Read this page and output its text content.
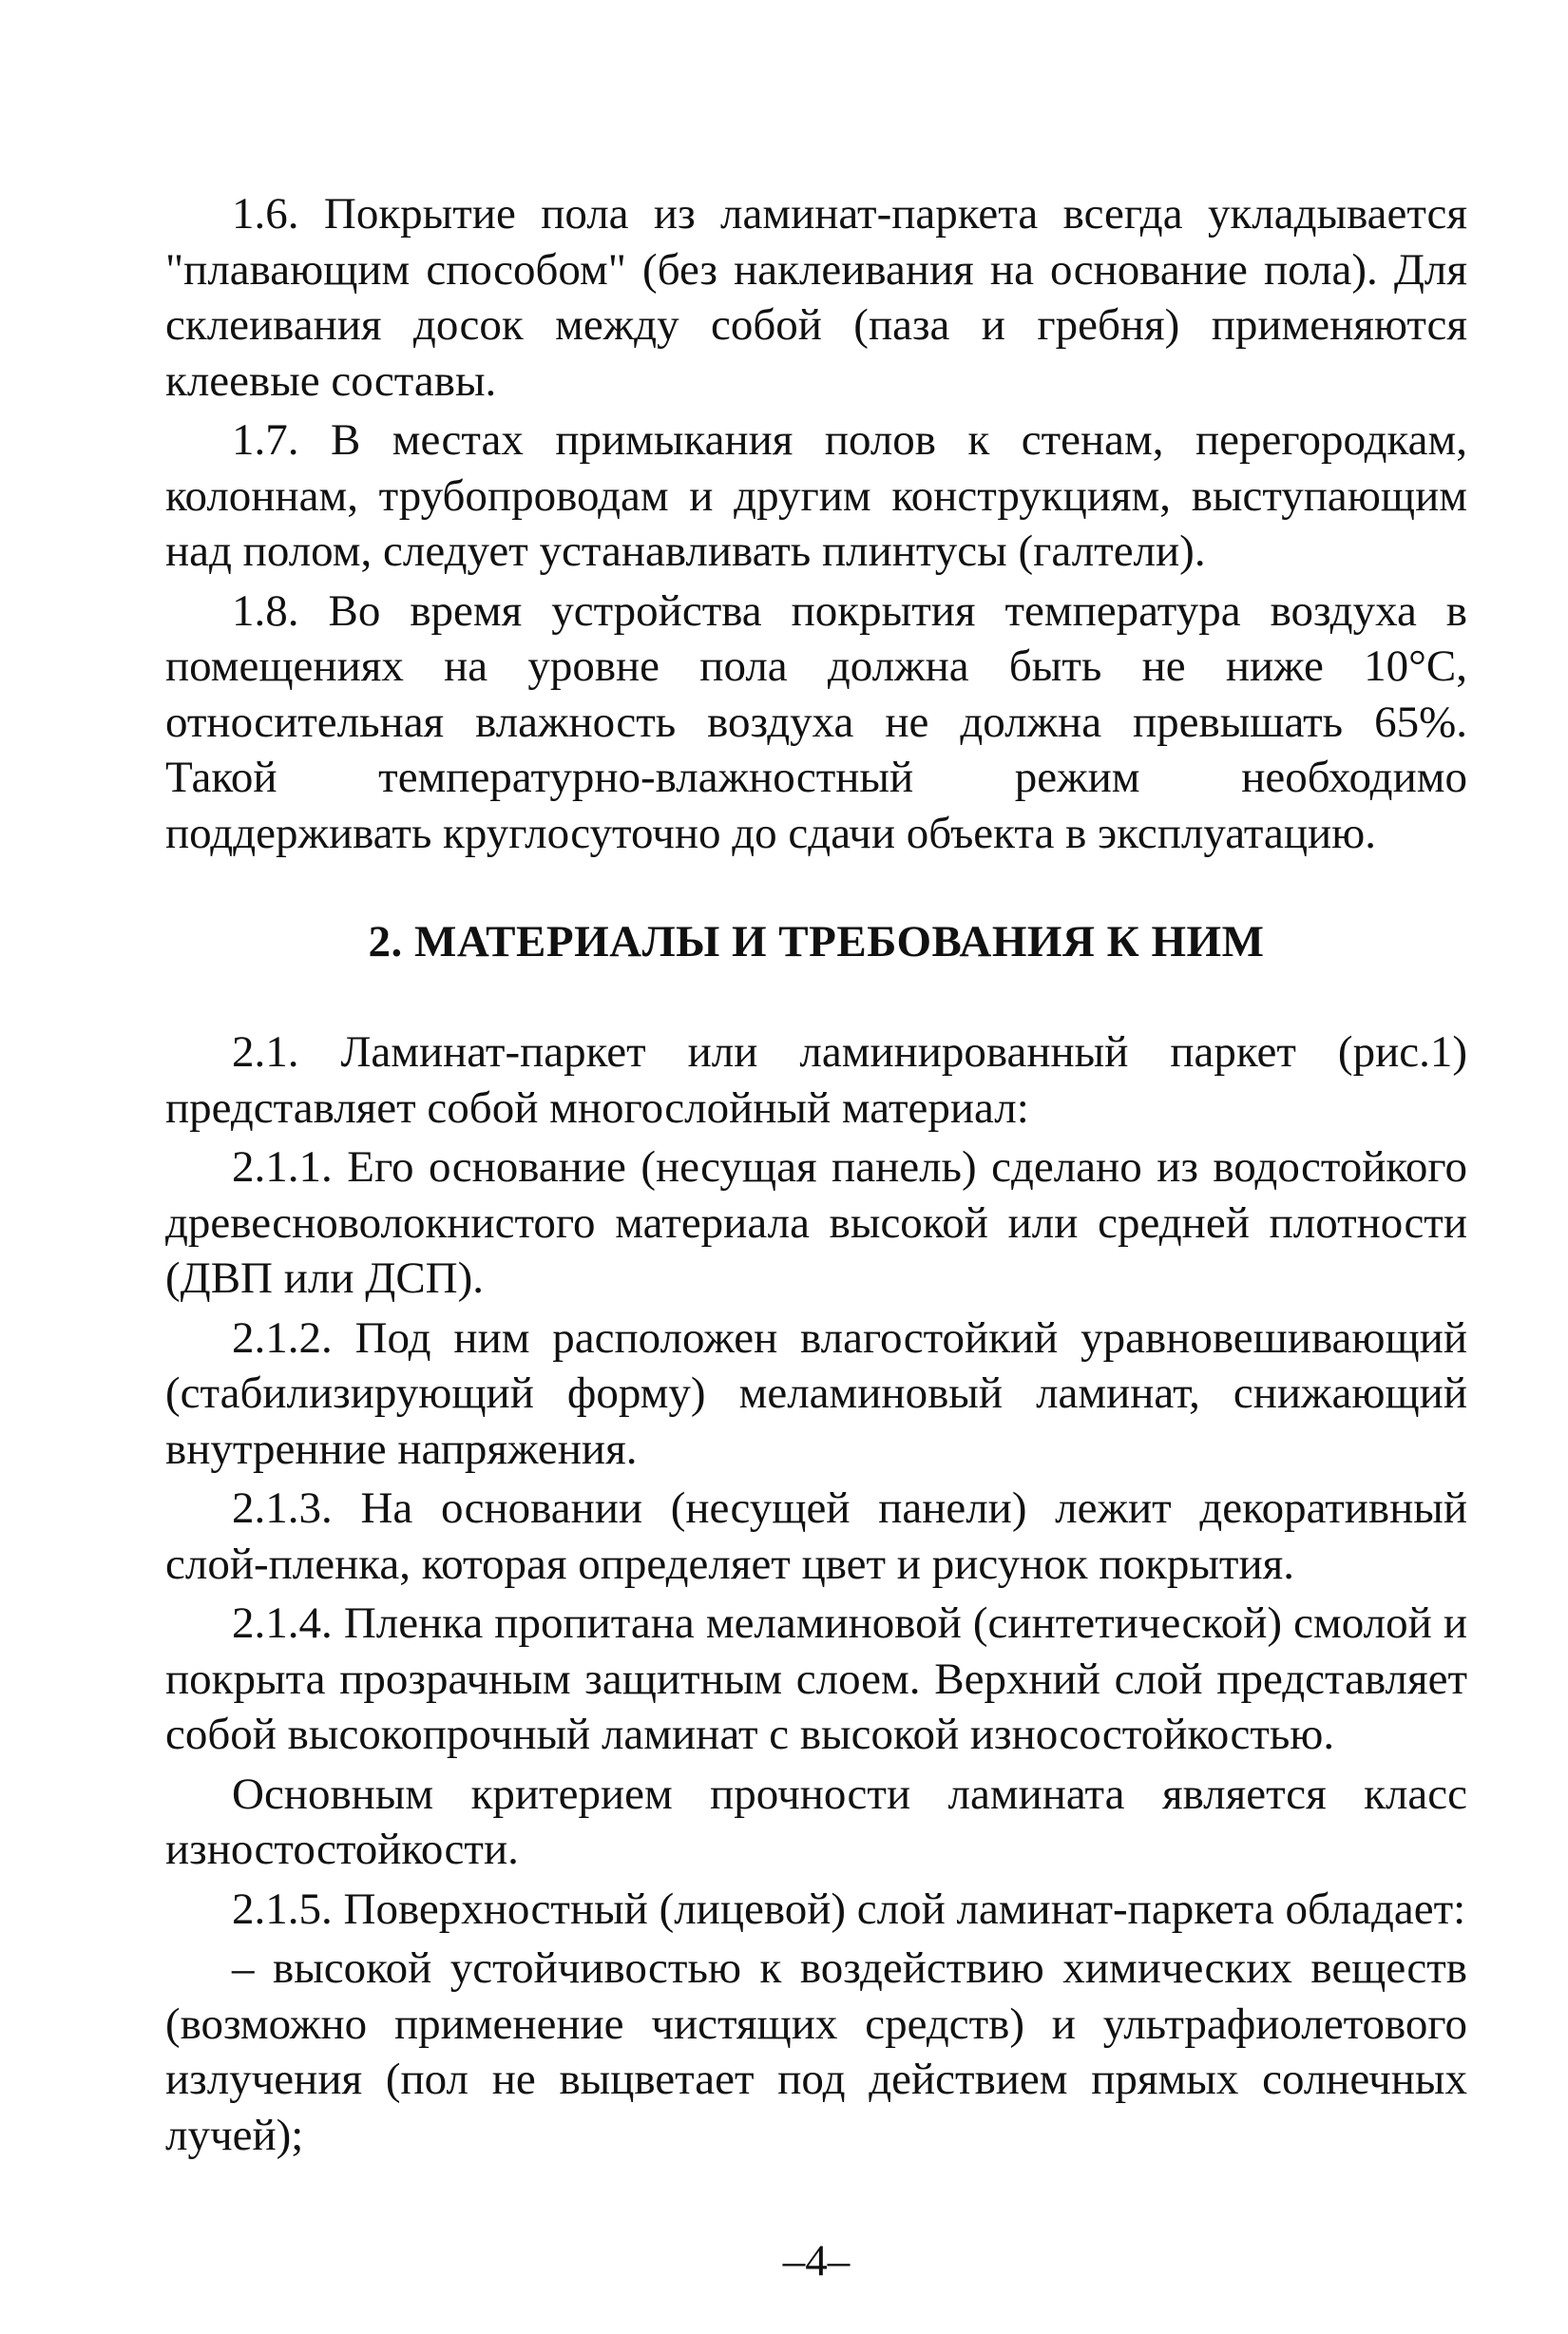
1.6. Покрытие пола из ламинат-паркета всегда укладывается "плавающим способом" (без наклеивания на основание пола). Для склеивания досок между собой (паза и гребня) применяются клеевые составы.

1.7. В местах примыкания полов к стенам, перегородкам, колоннам, трубопроводам и другим конструкциям, выступающим над полом, следует устанавливать плинтусы (галтели).

1.8. Во время устройства покрытия температура воздуха в помещениях на уровне пола должна быть не ниже 10°С, относительная влажность воздуха не должна превышать 65%. Такой температурно-влажностный режим необходимо поддерживать круглосуточно до сдачи объекта в эксплуатацию.

2. МАТЕРИАЛЫ И ТРЕБОВАНИЯ К НИМ

2.1. Ламинат-паркет или ламинированный паркет (рис.1) представляет собой многослойный материал:

2.1.1. Его основание (несущая панель) сделано из водостойкого древесноволокнистого материала высокой или средней плотности (ДВП или ДСП).

2.1.2. Под ним расположен влагостойкий уравновешивающий (стабилизирующий форму) меламиновый ламинат, снижающий внутренние напряжения.

2.1.3. На основании (несущей панели) лежит декоративный слой-пленка, которая определяет цвет и рисунок покрытия.

2.1.4. Пленка пропитана меламиновой (синтетической) смолой и покрыта прозрачным защитным слоем. Верхний слой представляет собой высокопрочный ламинат с высокой износостойкостью.

Основным критерием прочности ламината является класс изностостойкости.

2.1.5. Поверхностный (лицевой) слой ламинат-паркета обладает:

– высокой устойчивостью к воздействию химических веществ (возможно применение чистящих средств) и ультрафиолетового излучения (пол не выцветает под действием прямых солнечных лучей);

–4–
